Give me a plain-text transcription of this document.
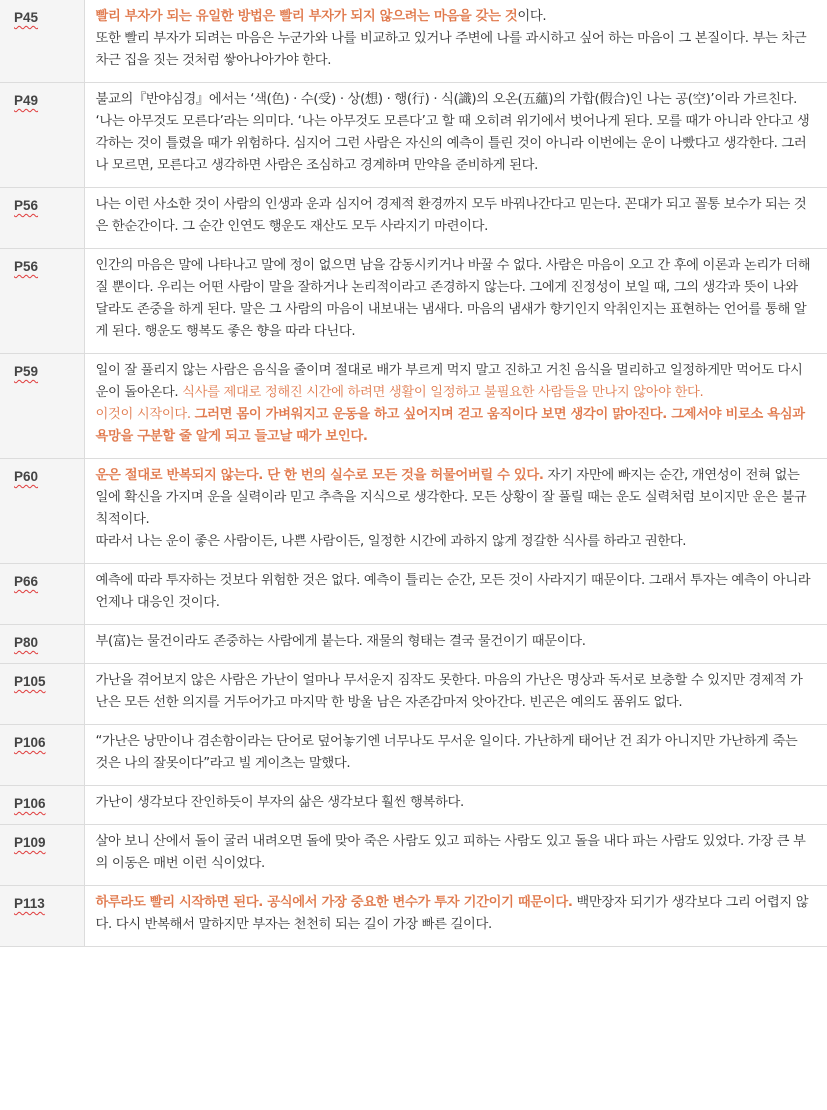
P45	빨리 부자가 되는 유일한 방법은 빨리 부자가 되지 않으려는 마음을 갖는 것이다.
또한 빨리 부자가 되려는 마음은 누군가와 나를 비교하고 있거나 주변에 나를 과시하고 싶어 하는 마음이 그 본질이다. 부는 차근차근 집을 짓는 것처럼 쌓아나아가야 한다.

P49	불교의『반야심경』에서는 ‘색(色) · 수(受) · 상(想) · 행(行) · 식(識)의 오온(五蘊)의 가합(假合)인 나는 공(空)’이라 가르친다. ‘나는 아무것도 모른다’라는 의미다. ‘나는 아무것도 모른다’고 할 때 오히려 위기에서 벗어나게 된다. 모를 때가 아니라 안다고 생각하는 것이 틀렸을 때가 위험하다. 심지어 그런 사람은 자신의 예측이 틀린 것이 아니라 이번에는 운이 나빴다고 생각한다. 그러나 모르면, 모른다고 생각하면 사람은 조심하고 경계하며 만약을 준비하게 된다.

P56	나는 이런 사소한 것이 사람의 인생과 운과 심지어 경제적 환경까지 모두 바꿔나간다고 믿는다. 꼰대가 되고 꼴통 보수가 되는 것은 한순간이다. 그 순간 인연도 행운도 재산도 모두 사라지기 마련이다.

P56	인간의 마음은 말에 나타나고 말에 정이 없으면 남을 감동시키거나 바꿀 수 없다. 사람은 마음이 오고 간 후에 이론과 논리가 더해질 뿐이다. 우리는 어떤 사람이 말을 잘하거나 논리적이라고 존경하지 않는다. 그에게 진정성이 보일 때, 그의 생각과 뜻이 나와 달라도 존중을 하게 된다. 말은 그 사람의 마음이 내보내는 냄새다. 마음의 냄새가 향기인지 악취인지는 표현하는 언어를 통해 알게 된다. 행운도 행복도 좋은 향을 따라 다닌다.

P59	일이 잘 풀리지 않는 사람은 음식을 줄이며 절대로 배가 부르게 먹지 말고 진하고 거친 음식을 멀리하고 일정하게만 먹어도 다시 운이 돌아온다. 식사를 제대로 정해진 시간에 하려면 생활이 일정하고 불필요한 사람들을 만나지 않아야 한다.

이것이 시작이다. 그러면 몸이 가벼워지고 운동을 하고 싶어지며 걷고 움직이다 보면 생각이 맑아진다. 그제서야 비로소 욕심과 욕망을 구분할 줄 알게 되고 들고날 때가 보인다.

P60	운은 절대로 반복되지 않는다. 단 한 번의 실수로 모든 것을 허물어버릴 수 있다. 자기 자만에 빠지는 순간, 개연성이 전혀 없는 일에 확신을 가지며 운을 실력이라 믿고 추측을 지식으로 생각한다. 모든 상황이 잘 풀릴 때는 운도 실력처럼 보이지만 운은 불규칙적이다.

따라서 나는 운이 좋은 사람이든, 나쁜 사람이든, 일정한 시간에 과하지 않게 정갈한 식사를 하라고 권한다.

P66	예측에 따라 투자하는 것보다 위험한 것은 없다. 예측이 틀리는 순간, 모든 것이 사라지기 때문이다. 그래서 투자는 예측이 아니라 언제나 대응인 것이다.

P80	부(富)는 물건이라도 존중하는 사람에게 붙는다. 재물의 형태는 결국 물건이기 때문이다.

P105	가난을 겪어보지 않은 사람은 가난이 얼마나 무서운지 짐작도 못한다. 마음의 가난은 명상과 독서로 보충할 수 있지만 경제적 가난은 모든 선한 의지를 거두어가고 마지막 한 방울 남은 자존감마저 앗아간다. 빈곤은 예의도 품위도 없다.

P106	“가난은 낭만이나 겸손함이라는 단어로 덮어놓기엔 너무나도 무서운 일이다. 가난하게 태어난 건 죄가 아니지만 가난하게 죽는 것은 나의 잘못이다”라고 빌 게이츠는 말했다.

P106	가난이 생각보다 잔인하듯이 부자의 삶은 생각보다 훨씬 행복하다.

P109	살아 보니 산에서 돌이 굴러 내려오면 돌에 맞아 죽은 사람도 있고 피하는 사람도 있고 돌을 내다 파는 사람도 있었다. 가장 큰 부의 이동은 매번 이런 식이었다.

P113	하루라도 빨리 시작하면 된다. 공식에서 가장 중요한 변수가 투자 기간이기 때문이다. 백만장자 되기가 생각보다 그리 어렵지 않다. 다시 반복해서 말하지만 부자는 천천히 되는 길이 가장 빠른 길이다.
